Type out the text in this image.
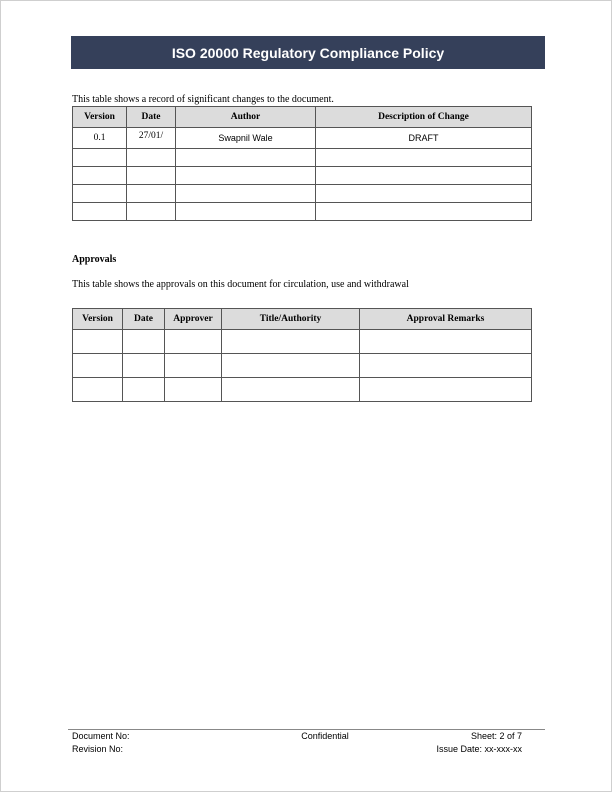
ISO 20000 Regulatory Compliance Policy
This table shows a record of significant changes to the document.
Version	Date	Author	Description of Change
0.1	27/01/	Swapnil Wale	DRAFT

Approvals
This table shows the approvals on this document for circulation, use and withdrawal
Version	Date	Approver	Title/Authority	Approval Remarks

Document No:
Revision No:
Confidential	Sheet: 2 of 7
Issue Date: xx-xxx-xx
